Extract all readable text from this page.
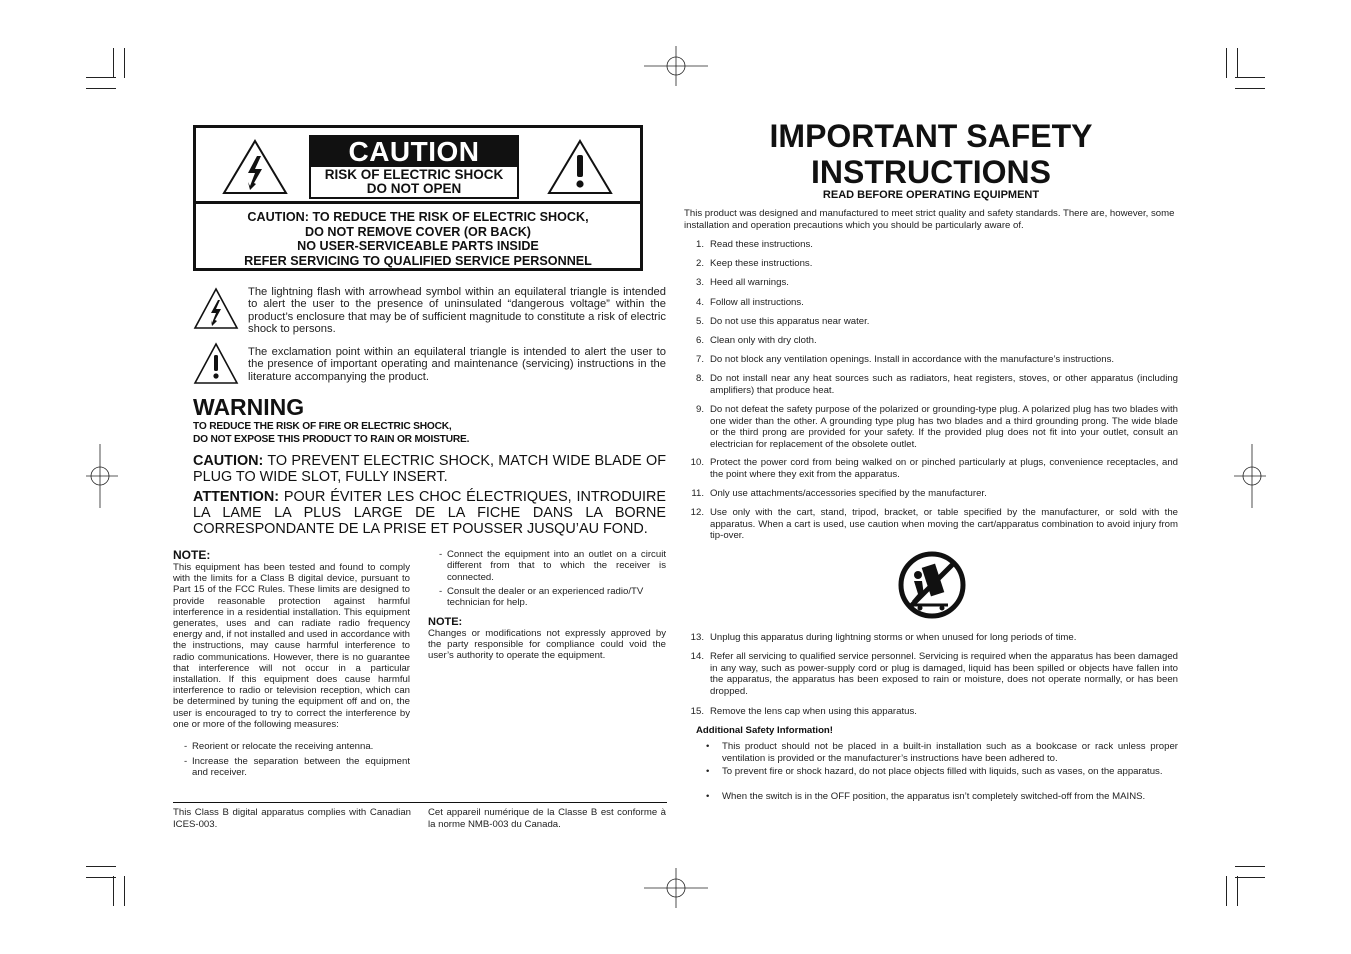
CAUTION
RISK OF ELECTRIC SHOCK
DO NOT OPEN
CAUTION: TO REDUCE THE RISK OF ELECTRIC SHOCK,
DO NOT REMOVE COVER (OR BACK)
NO USER-SERVICEABLE PARTS INSIDE
REFER SERVICING TO QUALIFIED SERVICE PERSONNEL
The lightning flash with arrowhead symbol within an equilateral triangle is intended to alert the user to the presence of uninsulated “dangerous voltage” within the product’s enclosure that may be of sufficient magnitude to constitute a risk of electric shock to persons.
The exclamation point within an equilateral triangle is intended to alert the user to the presence of important operating and maintenance (servicing) instructions in the literature accompanying the product.
WARNING
TO REDUCE THE RISK OF FIRE OR ELECTRIC SHOCK,
DO NOT EXPOSE THIS PRODUCT TO RAIN OR MOISTURE.
CAUTION: TO PREVENT ELECTRIC SHOCK, MATCH WIDE BLADE OF PLUG TO WIDE SLOT, FULLY INSERT.
ATTENTION: POUR ÉVITER LES CHOC ÉLECTRIQUES, INTRODUIRE LA LAME LA PLUS LARGE DE LA FICHE DANS LA BORNE CORRESPONDANTE DE LA PRISE ET POUSSER JUSQU’AU FOND.
NOTE:
This equipment has been tested and found to comply with the limits for a Class B digital device, pursuant to Part 15 of the FCC Rules. These limits are designed to provide reasonable protection against harmful interference in a residential installation. This equipment generates, uses and can radiate radio frequency energy and, if not installed and used in accordance with the instructions, may cause harmful interference to radio communications. However, there is no guarantee that interference will not occur in a particular installation. If this equipment does cause harmful interference to radio or television reception, which can be determined by tuning the equipment off and on, the user is encouraged to try to correct the interference by one or more of the following measures:
- Reorient or relocate the receiving antenna.
- Increase the separation between the equipment and receiver.
- Connect the equipment into an outlet on a circuit different from that to which the receiver is connected.
- Consult the dealer or an experienced radio/TV technician for help.
NOTE:
Changes or modifications not expressly approved by the party responsible for compliance could void the user’s authority to operate the equipment.
This Class B digital apparatus complies with Canadian ICES-003.
Cet appareil numérique de la Classe B est conforme à la norme NMB-003 du Canada.
IMPORTANT SAFETY
INSTRUCTIONS
READ BEFORE OPERATING EQUIPMENT
This product was designed and manufactured to meet strict quality and safety standards. There are, however, some installation and operation precautions which you should be particularly aware of.
1. Read these instructions.
2. Keep these instructions.
3. Heed all warnings.
4. Follow all instructions.
5. Do not use this apparatus near water.
6. Clean only with dry cloth.
7. Do not block any ventilation openings. Install in accordance with the manufacture’s instructions.
8. Do not install near any heat sources such as radiators, heat registers, stoves, or other apparatus (including amplifiers) that produce heat.
9. Do not defeat the safety purpose of the polarized or grounding-type plug. A polarized plug has two blades with one wider than the other. A grounding type plug has two blades and a third grounding prong. The wide blade or the third prong are provided for your safety. If the provided plug does not fit into your outlet, consult an electrician for replacement of the obsolete outlet.
10. Protect the power cord from being walked on or pinched particularly at plugs, convenience receptacles, and the point where they exit from the apparatus.
11. Only use attachments/accessories specified by the manufacturer.
12. Use only with the cart, stand, tripod, bracket, or table specified by the manufacturer, or sold with the apparatus. When a cart is used, use caution when moving the cart/apparatus combination to avoid injury from tip-over.
13. Unplug this apparatus during lightning storms or when unused for long periods of time.
14. Refer all servicing to qualified service personnel. Servicing is required when the apparatus has been damaged in any way, such as power-supply cord or plug is damaged, liquid has been spilled or objects have fallen into the apparatus, the apparatus has been exposed to rain or moisture, does not operate normally, or has been dropped.
15. Remove the lens cap when using this apparatus.
Additional Safety Information!
• This product should not be placed in a built-in installation such as a bookcase or rack unless proper ventilation is provided or the manufacturer’s instructions have been adhered to.
• To prevent fire or shock hazard, do not place objects filled with liquids, such as vases, on the apparatus.
• When the switch is in the OFF position, the apparatus isn’t completely switched-off from the MAINS.
